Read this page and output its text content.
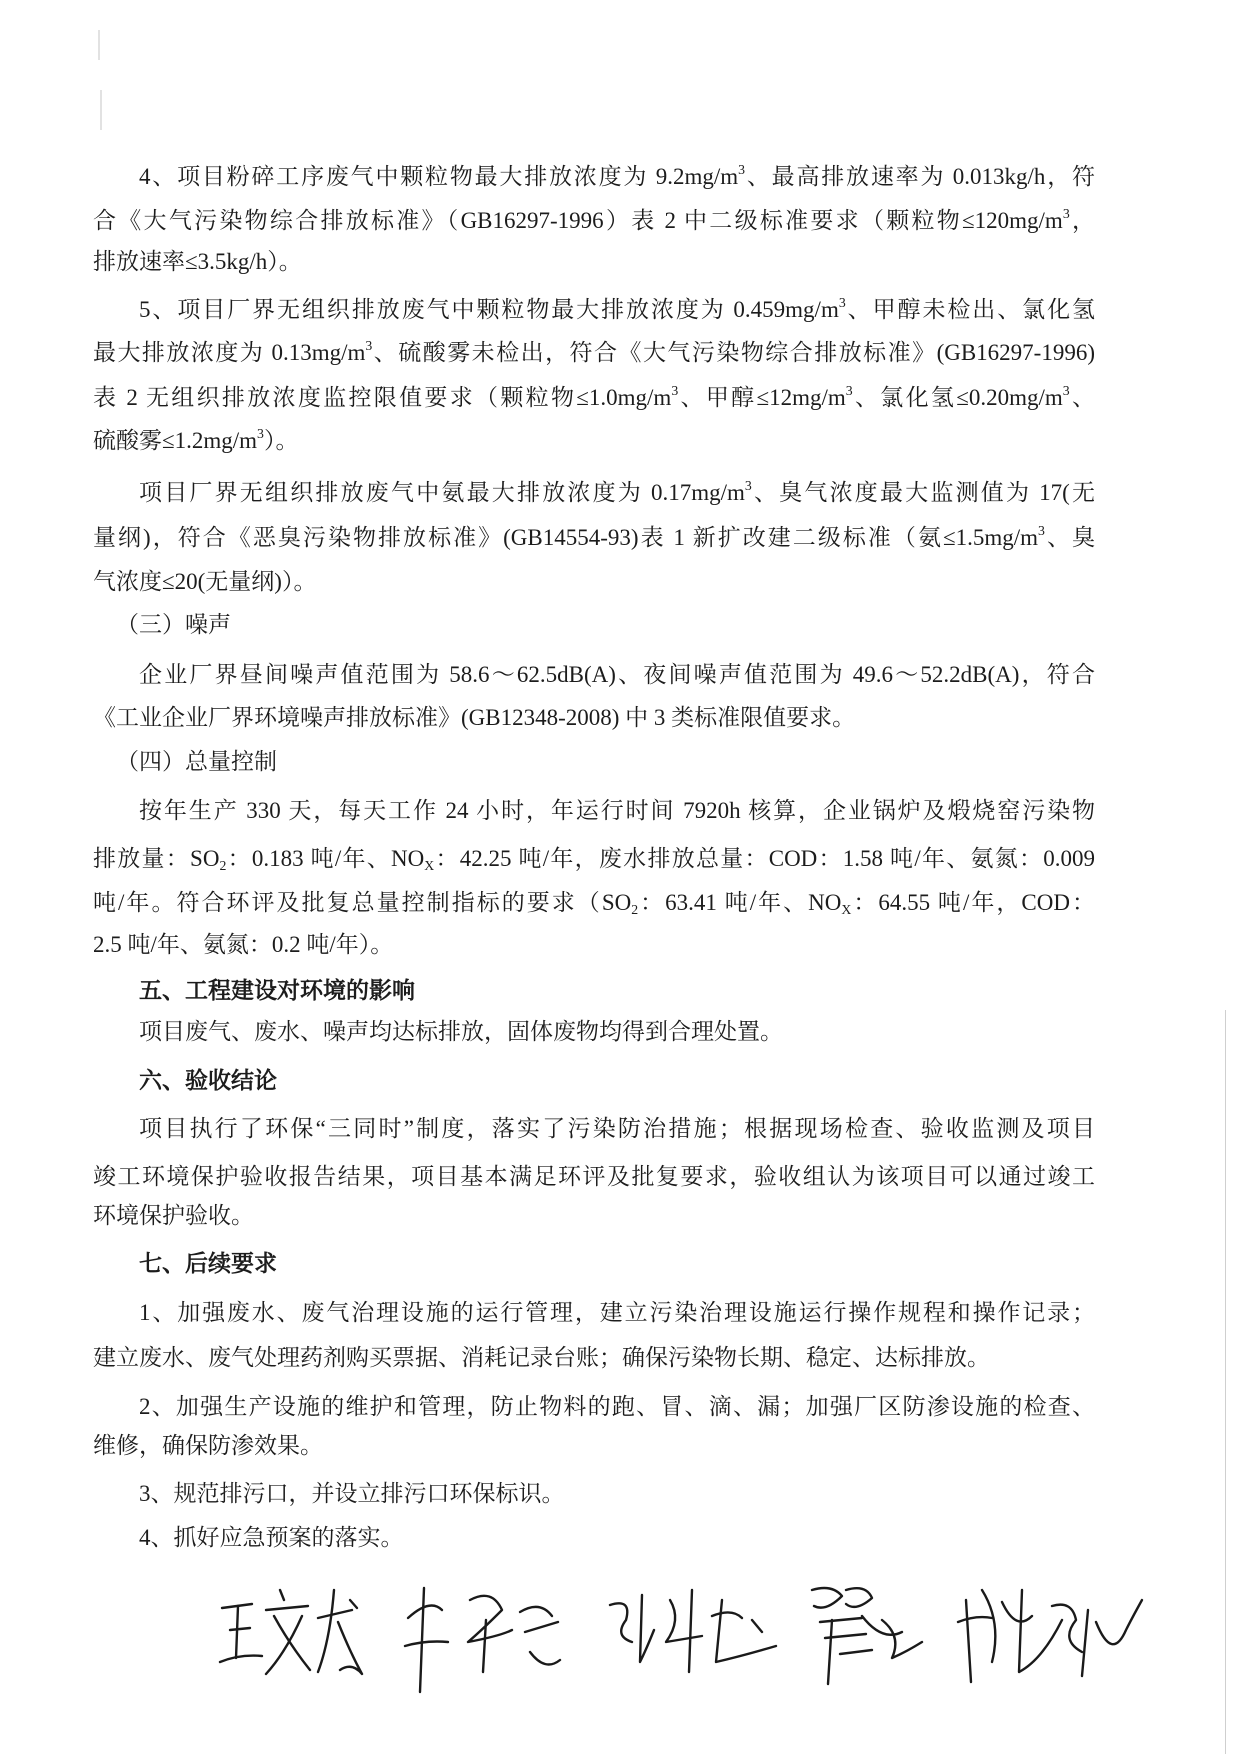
4、项目粉碎工序废气中颗粒物最大排放浓度为 $9.2mg/m^3$、最高排放速率为 0.013kg/h，符
合《大气污染物综合排放标准》（GB16297-1996）表 2 中二级标准要求（颗粒物$\le 120mg/m^3$，
排放速率≤3.5kg/h）。
5、项目厂界无组织排放废气中颗粒物最大排放浓度为 $0.459mg/m^3$、甲醇未检出、氯化氢
最大排放浓度为 $0.13mg/m^3$、硫酸雾未检出，符合《大气污染物综合排放标准》(GB16297-1996)
表 2 无组织排放浓度监控限值要求（颗粒物$\le 1.0mg/m^3$、甲醇$\le 12mg/m^3$、氯化氢$\le 0.20mg/m^3$、
硫酸雾$\le 1.2mg/m^3$）。
项目厂界无组织排放废气中氨最大排放浓度为 $0.17mg/m^3$、臭气浓度最大监测值为 17(无
量纲)，符合《恶臭污染物排放标准》(GB14554-93)表 1 新扩改建二级标准（氨$\le 1.5mg/m^3$、臭
气浓度≤20(无量纲)）。
（三）噪声
企业厂界昼间噪声值范围为 58.6～62.5dB(A)、夜间噪声值范围为 49.6～52.2dB(A)，符合
《工业企业厂界环境噪声排放标准》(GB12348-2008) 中 3 类标准限值要求。
（四）总量控制
按年生产 330 天，每天工作 24 小时，年运行时间 7920h 核算，企业锅炉及煅烧窑污染物
排放量：$SO_2$：0.183 吨/年、$NO_X$：42.25 吨/年，废水排放总量：COD：1.58 吨/年、氨氮：0.009
吨/年。符合环评及批复总量控制指标的要求（$SO_2$：63.41 吨/年、$NO_X$：64.55 吨/年，COD：
2.5 吨/年、氨氮：0.2 吨/年）。
五、工程建设对环境的影响
项目废气、废水、噪声均达标排放，固体废物均得到合理处置。
六、验收结论
项目执行了环保“三同时”制度，落实了污染防治措施；根据现场检查、验收监测及项目
竣工环境保护验收报告结果，项目基本满足环评及批复要求，验收组认为该项目可以通过竣工
环境保护验收。
七、后续要求
1、加强废水、废气治理设施的运行管理，建立污染治理设施运行操作规程和操作记录；
建立废水、废气处理药剂购买票据、消耗记录台账；确保污染物长期、稳定、达标排放。
2、加强生产设施的维护和管理，防止物料的跑、冒、滴、漏；加强厂区防渗设施的检查、
维修，确保防渗效果。
3、规范排污口，并设立排污口环保标识。
4、抓好应急预案的落实。
